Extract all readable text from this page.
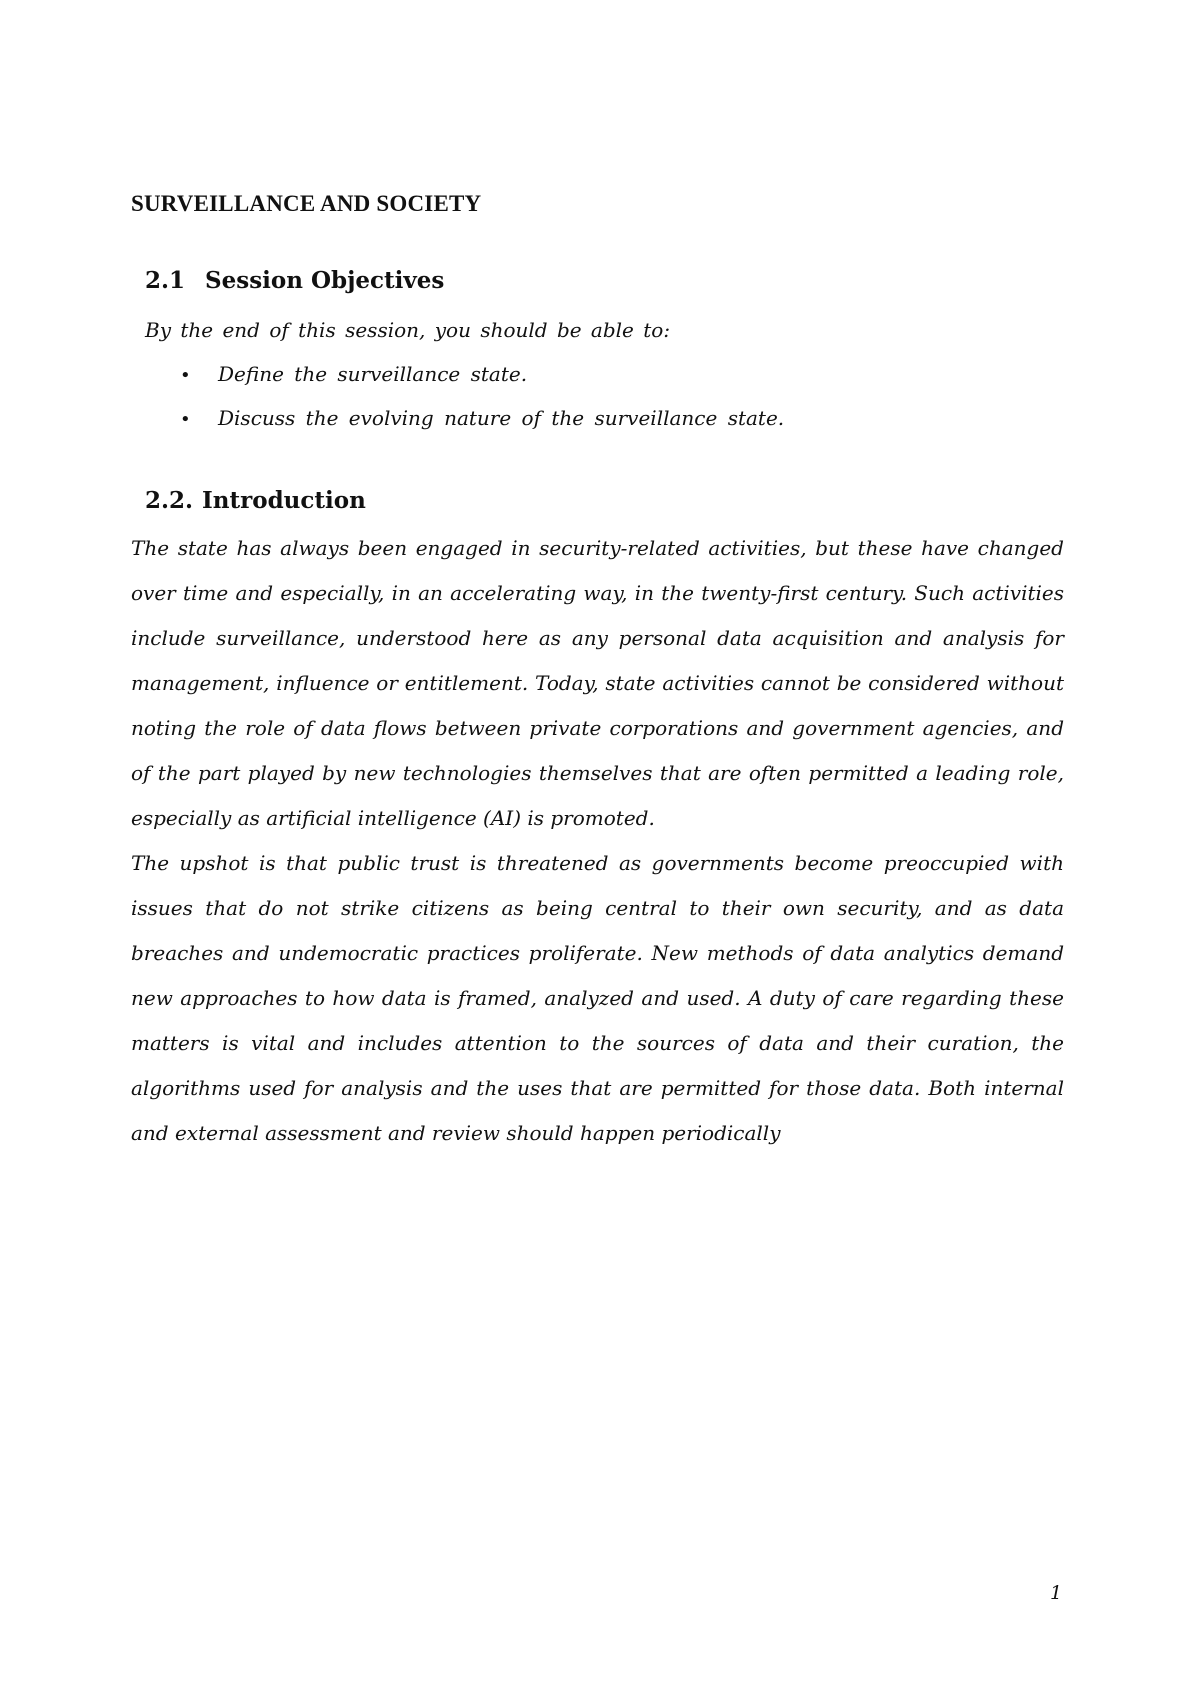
SURVEILLANCE AND SOCIETY
2.1 Session Objectives

By the end of this session, you should be able to:

• Define the surveillance state.
• Discuss the evolving nature of the surveillance state.
2.2. Introduction

The state has always been engaged in security-related activities, but these have changed over time and especially, in an accelerating way, in the twenty-first century. Such activities include surveillance, understood here as any personal data acquisition and analysis for management, influence or entitlement. Today, state activities cannot be considered without noting the role of data flows between private corporations and government agencies, and of the part played by new technologies themselves that are often permitted a leading role, especially as artificial intelligence (AI) is promoted.

The upshot is that public trust is threatened as governments become preoccupied with issues that do not strike citizens as being central to their own security, and as data breaches and undemocratic practices proliferate. New methods of data analytics demand new approaches to how data is framed, analyzed and used. A duty of care regarding these matters is vital and includes attention to the sources of data and their curation, the algorithms used for analysis and the uses that are permitted for those data. Both internal and external assessment and review should happen periodically

1
